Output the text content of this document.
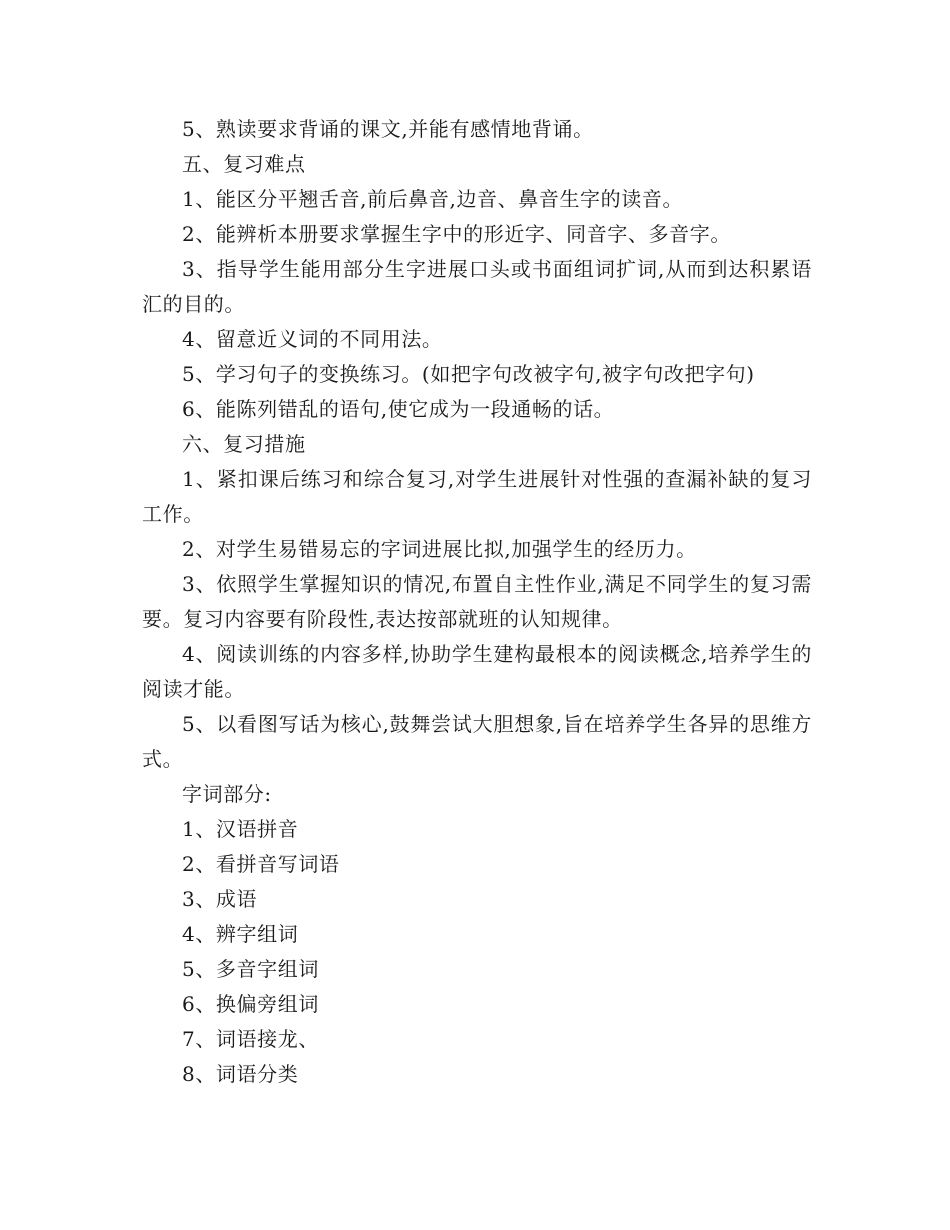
5、熟读要求背诵的课文,并能有感情地背诵。

五、复习难点

1、能区分平翘舌音,前后鼻音,边音、鼻音生字的读音。

2、能辨析本册要求掌握生字中的形近字、同音字、多音字。

3、指导学生能用部分生字进展口头或书面组词扩词,从而到达积累语汇的目的。

4、留意近义词的不同用法。

5、学习句子的变换练习。(如把字句改被字句,被字句改把字句)

6、能陈列错乱的语句,使它成为一段通畅的话。

六、复习措施

1、紧扣课后练习和综合复习,对学生进展针对性强的查漏补缺的复习工作。

2、对学生易错易忘的字词进展比拟,加强学生的经历力。

3、依照学生掌握知识的情况,布置自主性作业,满足不同学生的复习需要。复习内容要有阶段性,表达按部就班的认知规律。

4、阅读训练的内容多样,协助学生建构最根本的阅读概念,培养学生的阅读才能。

5、以看图写话为核心,鼓舞尝试大胆想象,旨在培养学生各异的思维方式。

字词部分:

1、汉语拼音

2、看拼音写词语

3、成语

4、辨字组词

5、多音字组词

6、换偏旁组词

7、词语接龙、

8、词语分类
